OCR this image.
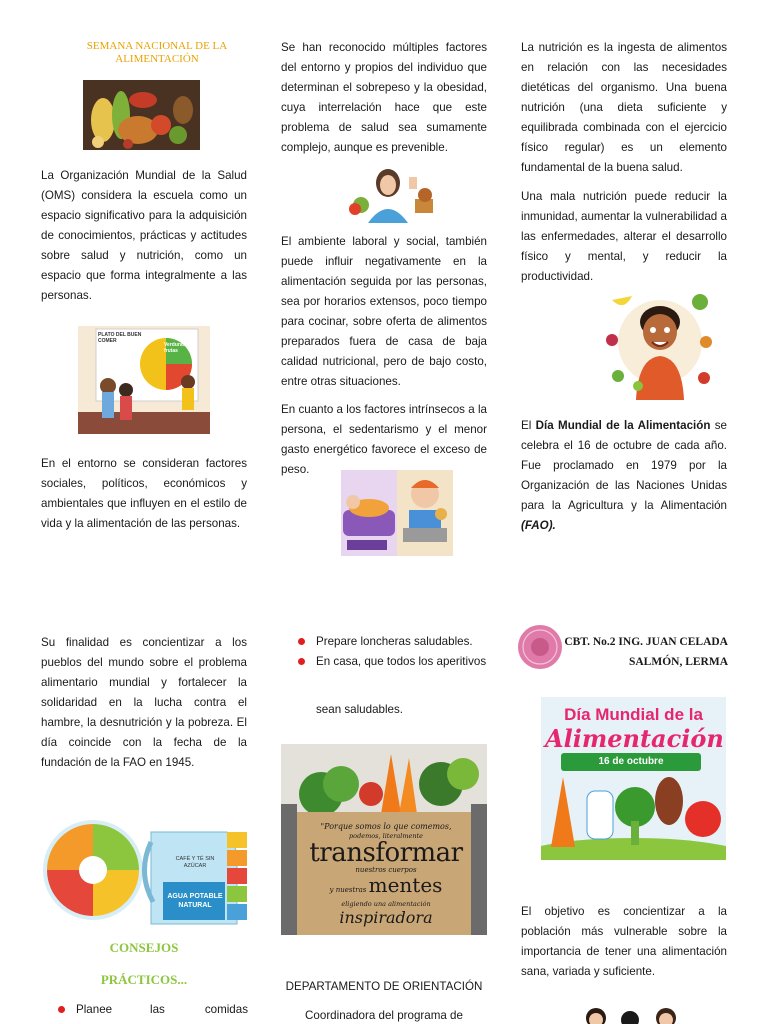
SEMANA NACIONAL DE LA ALIMENTACIÓN

La Organización Mundial de la Salud (OMS) considera la escuela como un espacio significativo para la adquisición de conocimientos, prácticas y actitudes sobre salud y nutrición, como un espacio que forma integralmente a las personas.

PLATO DEL BUEN COMER
Verduras y frutas

En el entorno se consideran factores sociales, políticos, económicos y ambientales que influyen en el estilo de vida y la alimentación de las personas.

Se han reconocido múltiples factores del entorno y propios del individuo que determinan el sobrepeso y la obesidad, cuya interrelación hace que este problema de salud sea sumamente complejo, aunque es prevenible.

El ambiente laboral y social, también puede influir negativamente en la alimentación seguida por las personas, sea por horarios extensos, poco tiempo para cocinar, sobre oferta de alimentos preparados fuera de casa de baja calidad nutricional, pero de bajo costo, entre otras situaciones.

En cuanto a los factores intrínsecos a la persona, el sedentarismo y el menor gasto energético favorece el exceso de peso.

La nutrición es la ingesta de alimentos en relación con las necesidades dietéticas del organismo. Una buena nutrición (una dieta suficiente y equilibrada combinada con el ejercicio físico regular) es un elemento fundamental de la buena salud.

Una mala nutrición puede reducir la inmunidad, aumentar la vulnerabilidad a las enfermedades, alterar el desarrollo físico y mental, y reducir la productividad.

El Día Mundial de la Alimentación se celebra el 16 de octubre de cada año. Fue proclamado en 1979 por la Organización de las Naciones Unidas para la Agricultura y la Alimentación (FAO).

Su finalidad es concientizar a los pueblos del mundo sobre el problema alimentario mundial y fortalecer la solidaridad en la lucha contra el hambre, la desnutrición y la pobreza. El día coincide con la fecha de la fundación de la FAO en 1945.

CAFÉ Y TÉ SIN AZÚCAR
AGUA POTABLE NATURAL
CONSEJOS
PRÁCTICOS...
Planee	las	comidas
Prepare loncheras saludables.
En casa, que todos los aperitivos
sean saludables.
"Porque somos lo que comemos,
podemos, literalmente
transformar
nuestros cuerpos
y nuestras mentes
eligiendo una alimentación
inspiradora
DEPARTAMENTO DE ORIENTACIÓN
Coordinadora del programa de
CBT. No.2 ING. JUAN CELADA
SALMÓN, LERMA
Día Mundial de la
Alimentación
16 de octubre

El objetivo es concientizar a la población más vulnerable sobre la importancia de tener una alimentación sana, variada y suficiente.
